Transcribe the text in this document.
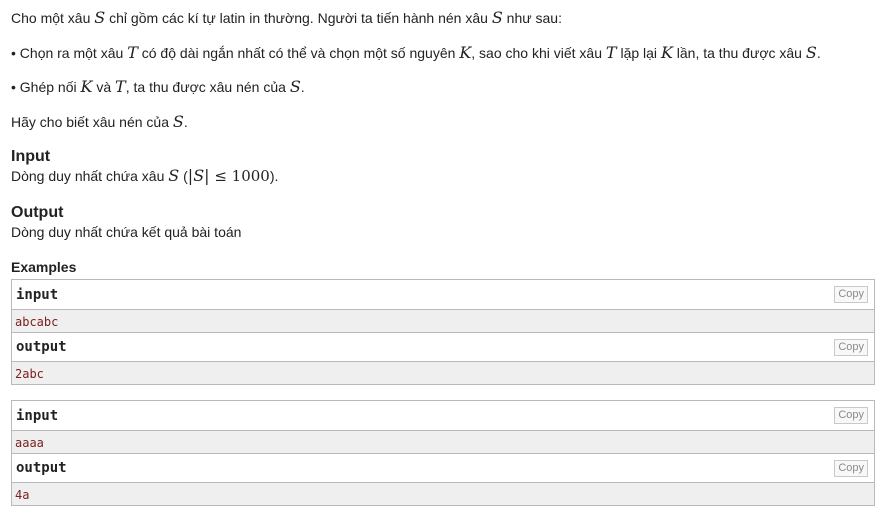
Cho một xâu S chỉ gồm các kí tự latin in thường. Người ta tiến hành nén xâu S như sau:

• Chọn ra một xâu T có độ dài ngắn nhất có thể và chọn một số nguyên K, sao cho khi viết xâu T lặp lại K lần, ta thu được xâu S.

• Ghép nối K và T, ta thu được xâu nén của S.

Hãy cho biết xâu nén của S.

Input

Dòng duy nhất chứa xâu S (|S| ≤ 1000).

Output

Dòng duy nhất chứa kết quả bài toán

Examples
input	Copy
abcabc
output	Copy
2abc
input	Copy
aaaa
output	Copy
4a
